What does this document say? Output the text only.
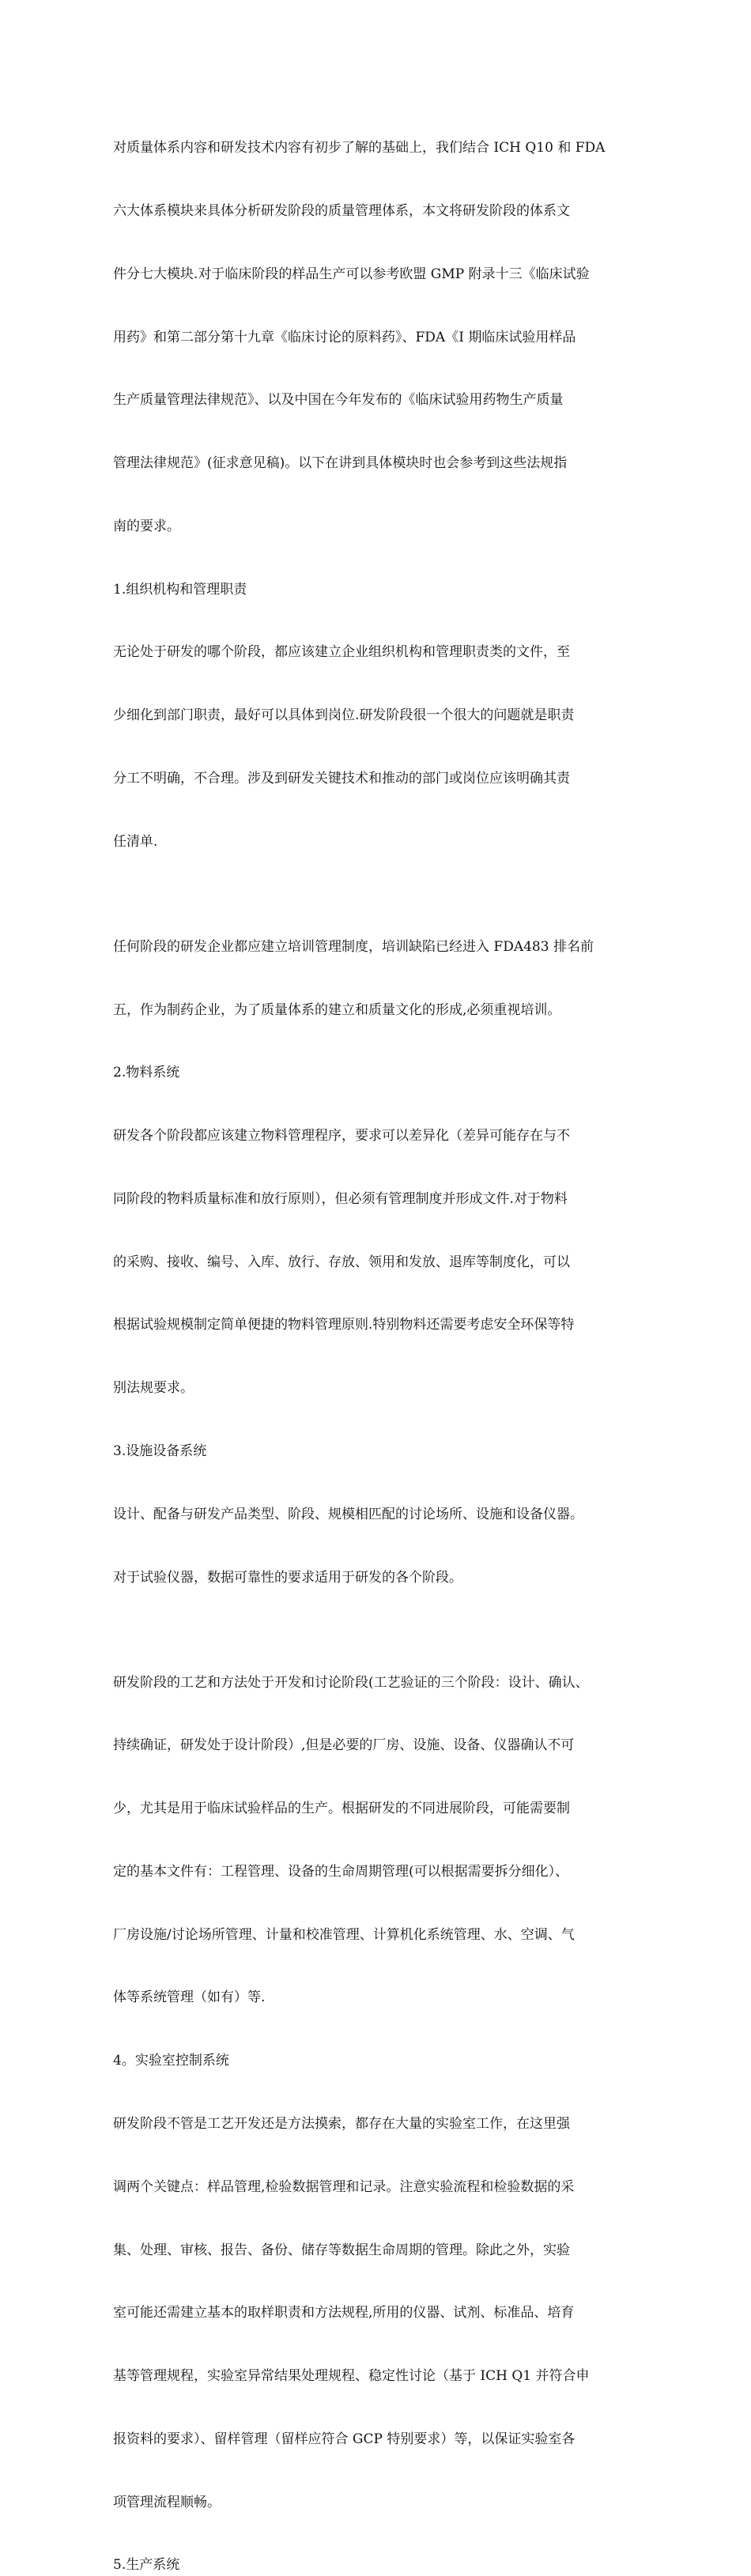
对质量体系内容和研发技术内容有初步了解的基础上，我们结合 ICH Q10 和 FDA

六大体系模块来具体分析研发阶段的质量管理体系，本文将研发阶段的体系文

件分七大模块.对于临床阶段的样品生产可以参考欧盟 GMP 附录十三《临床试验

用药》和第二部分第十九章《临床讨论的原料药》、FDA《I 期临床试验用样品

生产质量管理法律规范》、以及中国在今年发布的《临床试验用药物生产质量

管理法律规范》(征求意见稿)。以下在讲到具体模块时也会参考到这些法规指

南的要求。

1.组织机构和管理职责

无论处于研发的哪个阶段，都应该建立企业组织机构和管理职责类的文件，至

少细化到部门职责，最好可以具体到岗位.研发阶段很一个很大的问题就是职责

分工不明确，不合理。涉及到研发关键技术和推动的部门或岗位应该明确其责

任清单.

任何阶段的研发企业都应建立培训管理制度，培训缺陷已经进入 FDA483 排名前

五，作为制药企业，为了质量体系的建立和质量文化的形成,必须重视培训。

2.物料系统

研发各个阶段都应该建立物料管理程序，要求可以差异化（差异可能存在与不

同阶段的物料质量标准和放行原则），但必须有管理制度并形成文件.对于物料

的采购、接收、编号、入库、放行、存放、领用和发放、退库等制度化，可以

根据试验规模制定简单便捷的物料管理原则.特别物料还需要考虑安全环保等特

别法规要求。

3.设施设备系统

设计、配备与研发产品类型、阶段、规模相匹配的讨论场所、设施和设备仪器。

对于试验仪器，数据可靠性的要求适用于研发的各个阶段。

研发阶段的工艺和方法处于开发和讨论阶段(工艺验证的三个阶段：设计、确认、

持续确证，研发处于设计阶段）,但是必要的厂房、设施、设备、仪器确认不可

少，尤其是用于临床试验样品的生产。根据研发的不同进展阶段，可能需要制

定的基本文件有：工程管理、设备的生命周期管理(可以根据需要拆分细化）、

厂房设施/讨论场所管理、计量和校准管理、计算机化系统管理、水、空调、气

体等系统管理（如有）等.

4。实验室控制系统

研发阶段不管是工艺开发还是方法摸索，都存在大量的实验室工作，在这里强

调两个关键点：样品管理,检验数据管理和记录。注意实验流程和检验数据的采

集、处理、审核、报告、备份、储存等数据生命周期的管理。除此之外，实验

室可能还需建立基本的取样职责和方法规程,所用的仪器、试剂、标准品、培育

基等管理规程，实验室异常结果处理规程、稳定性讨论（基于 ICH Q1 并符合申

报资料的要求）、留样管理（留样应符合 GCP 特别要求）等，以保证实验室各

项管理流程顺畅。

5.生产系统
